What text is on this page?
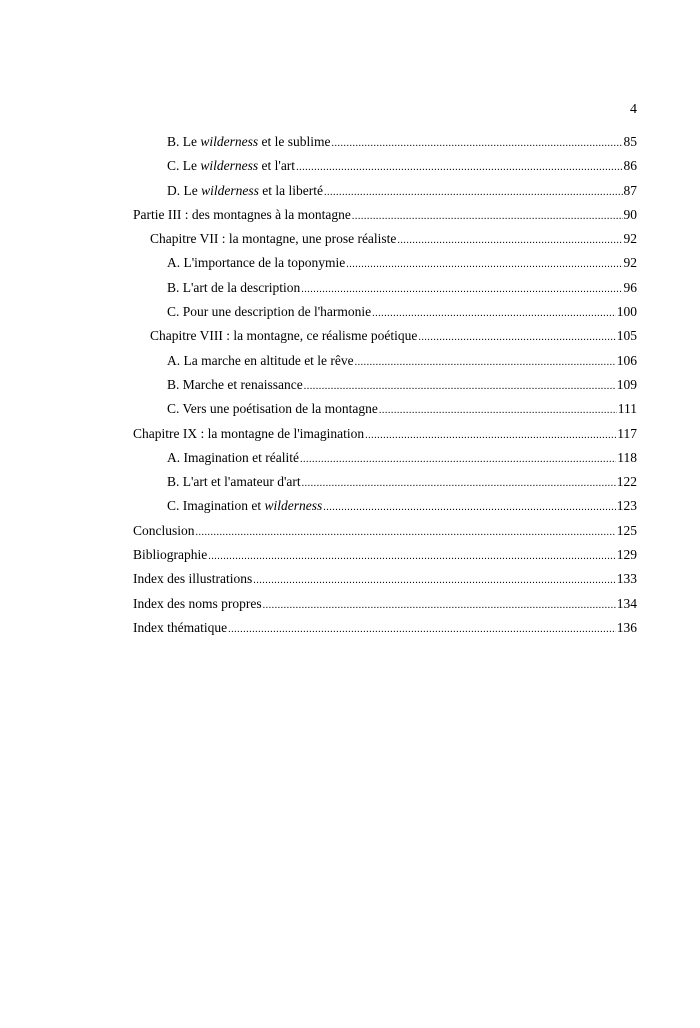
4
B. Le wilderness et le sublime .....	85
C. Le wilderness et l'art .....	86
D. Le wilderness et la liberté .....	87
Partie III : des montagnes à la montagne .....	90
Chapitre VII : la montagne, une prose réaliste .....	92
A. L'importance de la toponymie .....	92
B. L'art de la description .....	96
C. Pour une description de l'harmonie .....	100
Chapitre VIII : la montagne, ce réalisme poétique .....	105
A. La marche en altitude et le rêve .....	106
B. Marche et renaissance .....	109
C. Vers une poétisation de la montagne .....	111
Chapitre IX : la montagne de l'imagination .....	117
A. Imagination et réalité .....	118
B. L'art et l'amateur d'art .....	122
C. Imagination et wilderness .....	123
Conclusion .....	125
Bibliographie .....	129
Index des illustrations .....	133
Index des noms propres .....	134
Index thématique .....	136
